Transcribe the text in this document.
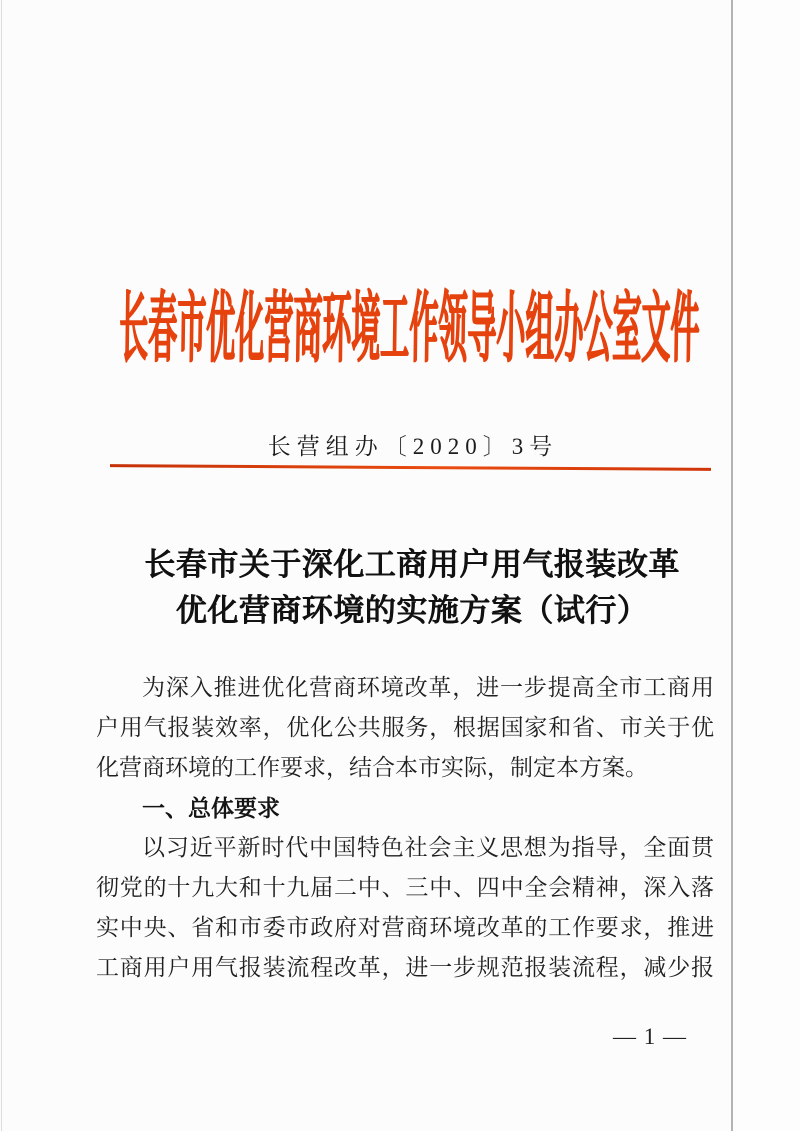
长春市优化营商环境工作领导小组办公室文件
长营组办〔2020〕3号
长春市关于深化工商用户用气报装改革
优化营商环境的实施方案（试行）
为深入推进优化营商环境改革，进一步提高全市工商用
户用气报装效率，优化公共服务，根据国家和省、市关于优
化营商环境的工作要求，结合本市实际，制定本方案。
一、总体要求
以习近平新时代中国特色社会主义思想为指导，全面贯
彻党的十九大和十九届二中、三中、四中全会精神，深入落
实中央、省和市委市政府对营商环境改革的工作要求，推进
工商用户用气报装流程改革，进一步规范报装流程，减少报
— 1 —
